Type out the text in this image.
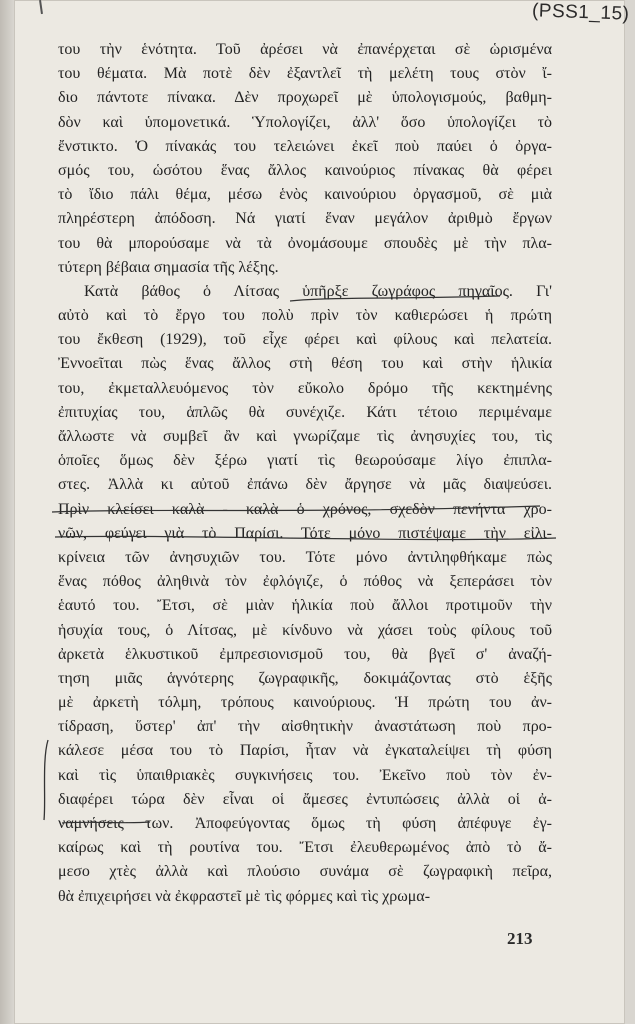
(PSS1_15)
του τὴν ἑνότητα. Τοῦ ἀρέσει νὰ ἐπανέρχεται σὲ ὡρισμένα
του θέματα. Μὰ ποτὲ δὲν ἐξαντλεῖ τὴ μελέτη τους στὸν ἴ-
διο πάντοτε πίνακα. Δὲν προχωρεῖ μὲ ὑπολογισμούς, βαθμη-
δὸν καὶ ὑπομονετικά. Ὑπολογίζει, ἀλλ' ὅσο ὑπολογίζει τὸ
ἔνστικτο. Ὁ πίνακάς του τελειώνει ἐκεῖ ποὺ παύει ὁ ὀργα-
σμός του, ὡσότου ἕνας ἄλλος καινούριος πίνακας θὰ φέρει
τὸ ἴδιο πάλι θέμα, μέσω ἑνὸς καινούριου ὀργασμοῦ, σὲ μιὰ
πληρέστερη ἀπόδοση. Νά γιατί ἕναν μεγάλον ἀριθμὸ ἔργων
του θὰ μπορούσαμε νὰ τὰ ὀνομάσουμε σπουδὲς μὲ τὴν πλα-
τύτερη βέβαια σημασία τῆς λέξης.
Κατὰ βάθος ὁ Λίτσας ὑπῆρξε ζωγράφος πηγαῖος. Γι'
αὐτὸ καὶ τὸ ἔργο του πολὺ πρὶν τὸν καθιερώσει ἡ πρώτη
του ἔκθεση (1929), τοῦ εἶχε φέρει καὶ φίλους καὶ πελατεία.
Ἐννοεῖται πὼς ἕνας ἄλλος στὴ θέση του καὶ στὴν ἡλικία
του, ἐκμεταλλευόμενος τὸν εὔκολο δρόμο τῆς κεκτημένης
ἐπιτυχίας του, ἁπλῶς θὰ συνέχιζε. Κάτι τέτοιο περιμέναμε
ἄλλωστε νὰ συμβεῖ ἂν καὶ γνωρίζαμε τὶς ἀνησυχίες του, τὶς
ὁποῖες ὅμως δὲν ξέρω γιατί τὶς θεωρούσαμε λίγο ἐπιπλα-
στες. Ἀλλὰ κι αὐτοῦ ἐπάνω δὲν ἄργησε νὰ μᾶς διαψεύσει.
Πρὶν κλείσει καλὰ - καλὰ ὁ χρόνος, σχεδὸν πενήντα χρο-
νῶν, φεύγει γιὰ τὸ Παρίσι. Τότε μόνο πιστέψαμε τὴν εἰλι-
κρίνεια τῶν ἀνησυχιῶν του. Τότε μόνο ἀντιληφθήκαμε πὼς
ἕνας πόθος ἀληθινὰ τὸν ἐφλόγιζε, ὁ πόθος νὰ ξεπεράσει τὸν
ἑαυτό του. Ἔτσι, σὲ μιὰν ἡλικία ποὺ ἄλλοι προτιμοῦν τὴν
ἡσυχία τους, ὁ Λίτσας, μὲ κίνδυνο νὰ χάσει τοὺς φίλους τοῦ
ἀρκετὰ ἑλκυστικοῦ ἐμπρεσιονισμοῦ του, θὰ βγεῖ σ' ἀναζή-
τηση μιᾶς ἁγνότερης ζωγραφικῆς, δοκιμάζοντας στὸ ἑξῆς
μὲ ἀρκετὴ τόλμη, τρόπους καινούριους. Ἡ πρώτη του ἀν-
τίδραση, ὕστερ' ἀπ' τὴν αἰσθητικὴν ἀναστάτωση ποὺ προ-
κάλεσε μέσα του τὸ Παρίσι, ἦταν νὰ ἐγκαταλείψει τὴ φύση
καὶ τὶς ὑπαιθριακὲς συγκινήσεις του. Ἐκεῖνο ποὺ τὸν ἐν-
διαφέρει τώρα δὲν εἶναι οἱ ἄμεσες ἐντυπώσεις ἀλλὰ οἱ ἀ-
ναμνήσεις των. Ἀποφεύγοντας ὅμως τὴ φύση ἀπέφυγε ἐγ-
καίρως καὶ τὴ ρουτίνα του. Ἔτσι ἐλευθερωμένος ἀπὸ τὸ ἄ-
μεσο χτὲς ἀλλὰ καὶ πλούσιο συνάμα σὲ ζωγραφικὴ πεῖρα,
θὰ ἐπιχειρήσει νὰ ἐκφραστεῖ μὲ τὶς φόρμες καὶ τὶς χρωμα-
213
